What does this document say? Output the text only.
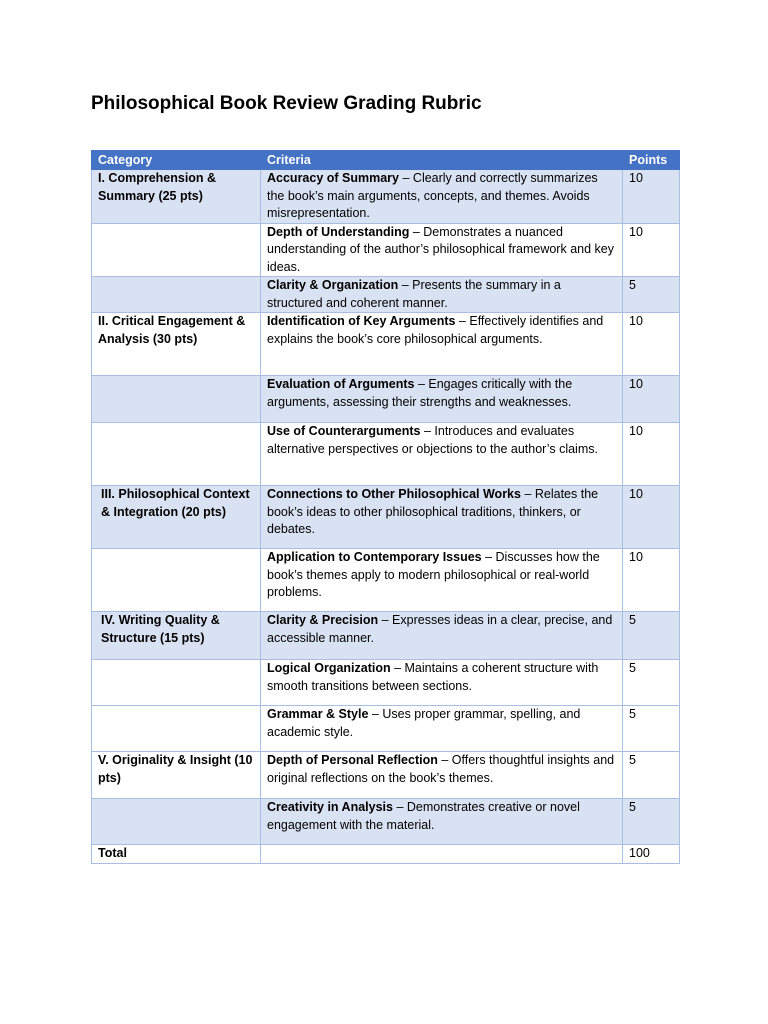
Philosophical Book Review Grading Rubric
Category	Criteria	Points
I. Comprehension & Summary (25 pts)	Accuracy of Summary – Clearly and correctly summarizes the book’s main arguments, concepts, and themes. Avoids misrepresentation.	10
	Depth of Understanding – Demonstrates a nuanced understanding of the author’s philosophical framework and key ideas.	10
	Clarity & Organization – Presents the summary in a structured and coherent manner.	5
II. Critical Engagement & Analysis (30 pts)	Identification of Key Arguments – Effectively identifies and explains the book’s core philosophical arguments.	10
	Evaluation of Arguments – Engages critically with the arguments, assessing their strengths and weaknesses.	10
	Use of Counterarguments – Introduces and evaluates alternative perspectives or objections to the author’s claims.	10
III. Philosophical Context & Integration (20 pts)	Connections to Other Philosophical Works – Relates the book’s ideas to other philosophical traditions, thinkers, or debates.	10
	Application to Contemporary Issues – Discusses how the book’s themes apply to modern philosophical or real-world problems.	10
IV. Writing Quality & Structure (15 pts)	Clarity & Precision – Expresses ideas in a clear, precise, and accessible manner.	5
	Logical Organization – Maintains a coherent structure with smooth transitions between sections.	5
	Grammar & Style – Uses proper grammar, spelling, and academic style.	5
V. Originality & Insight (10 pts)	Depth of Personal Reflection – Offers thoughtful insights and original reflections on the book’s themes.	5
	Creativity in Analysis – Demonstrates creative or novel engagement with the material.	5
Total		100
